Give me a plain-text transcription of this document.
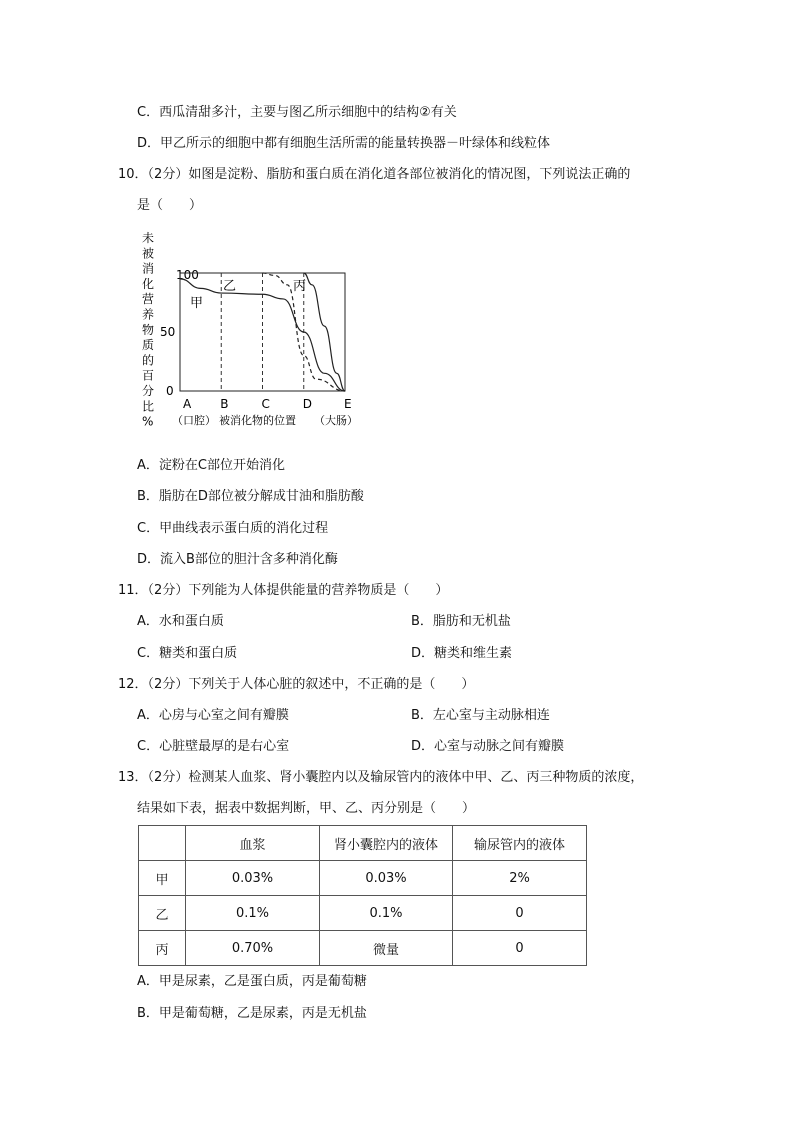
C．西瓜清甜多汁，主要与图乙所示细胞中的结构②有关
D．甲乙所示的细胞中都有细胞生活所需的能量转换器－叶绿体和线粒体
10．（2分）如图是淀粉、脂肪和蛋白质在消化道各部位被消化的情况图，下列说法正确的
是（　　）
未
被
消
化
营
养
物
质
的
百
分
比
%
100
50
0
甲
乙	丙
A B	C	D	E
（口腔） 被消化物的位置 （大肠）
A．淀粉在C部位开始消化
B．脂肪在D部位被分解成甘油和脂肪酸
C．甲曲线表示蛋白质的消化过程
D．流入B部位的胆汁含多种消化酶
11．（2分）下列能为人体提供能量的营养物质是（　　）
A．水和蛋白质	B．脂肪和无机盐
C．糖类和蛋白质	D．糖类和维生素
12．（2分）下列关于人体心脏的叙述中，不正确的是（　　）
A．心房与心室之间有瓣膜	B．左心室与主动脉相连
C．心脏壁最厚的是右心室	D．心室与动脉之间有瓣膜
13．（2分）检测某人血浆、肾小囊腔内以及输尿管内的液体中甲、乙、丙三种物质的浓度，
结果如下表，据表中数据判断，甲、乙、丙分别是（　　）
	血浆	肾小囊腔内的液体	输尿管内的液体
甲	0.03%	0.03%	2%
乙	0.1%	0.1%	0
丙	0.70%	微量	0
A．甲是尿素，乙是蛋白质，丙是葡萄糖
B．甲是葡萄糖，乙是尿素，丙是无机盐
